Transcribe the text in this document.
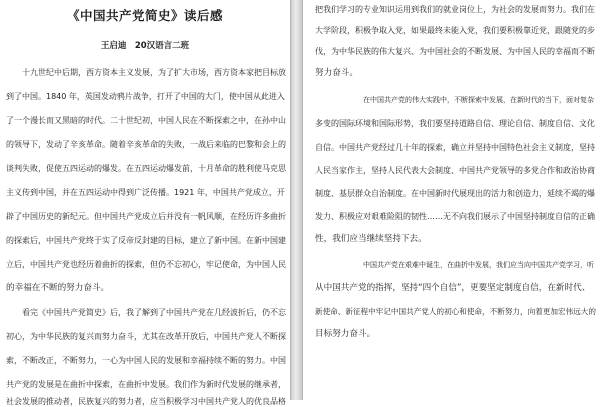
《中国共产党简史》读后感
王启迪　20汉语言二班
十九世纪中后期，西方资本主义发展，为了扩大市场，西方资本家把目标放
到了中国。1840 年，英国发动鸦片战争，打开了中国的大门，使中国从此进入
了一个漫长而又黑暗的时代。二十世纪初，中国人民在不断探索之中，在孙中山
的领导下，发动了辛亥革命。随着辛亥革命的失败，一战后来临的巴黎和会上的
谈判失败，促使五四运动的爆发。在五四运动爆发前，十月革命的胜利使马克思
主义传到中国，并在五四运动中得到广泛传播。1921 年，中国共产党成立，开
辟了中国历史的新纪元。但中国共产党成立后并没有一帆风顺，在经历许多曲折
的探索后，中国共产党终于实了反帝反封建的目标，建立了新中国。在新中国建
立后，中国共产党也经历着曲折的探索，但仍不忘初心，牢记使命，为中国人民
的幸福在不断的努力奋斗。
看完《中国共产党简史》后，我了解到了中国共产党在几经波折后，仍不忘
初心，为中华民族的复兴而努力奋斗，尤其在改革开放后，中国共产党人不断探
索，不断改正，不断努力，一心为中国人民的发展和幸福持续不断的努力。中国
共产党的发展是在曲折中探索，在曲折中发展。我们作为新时代发展的继承者，
社会发展的推动者，民族复兴的努力者，应当积极学习中国共产党人的优良品格
把我们学习的专业知识运用到我们的就业岗位上，为社会的发展而努力。我们在
大学阶段，积极争取入党，如果最终未能入党，我们要积极靠近党，跟随党的步
伐，为中华民族的伟大复兴、为中国社会的不断发展、为中国人民的幸福而不断
努力奋斗。
在中国共产党的伟大实践中，不断探索中发展，在新时代的当下，面对复杂
多变的国际环境和国际形势，我们要坚持道路自信、理论自信、制度自信、文化
自信。中国共产党经过几十年的探索，确立并坚持中国特色社会主义制度，坚持
人民当家作主，坚持人民代表大会制度、中国共产党领导的多党合作和政治协商
制度、基层群众自治制度。在中国新时代展现出的活力和创造力，延续不竭的爆
发力、积极应对艰难险阻的韧性……无不向我们展示了中国坚持制度自信的正确
性，我们应当继续坚持下去。
中国共产党在艰难中诞生，在曲折中发展，我们应当向中国共产党学习，听
从中国共产党的指挥，坚持“四个自信”，更要坚定制度自信，在新时代、
新使命、新征程中牢记中国共产党人的初心和使命，不断努力，向着更加宏伟远大的
目标努力奋斗。
